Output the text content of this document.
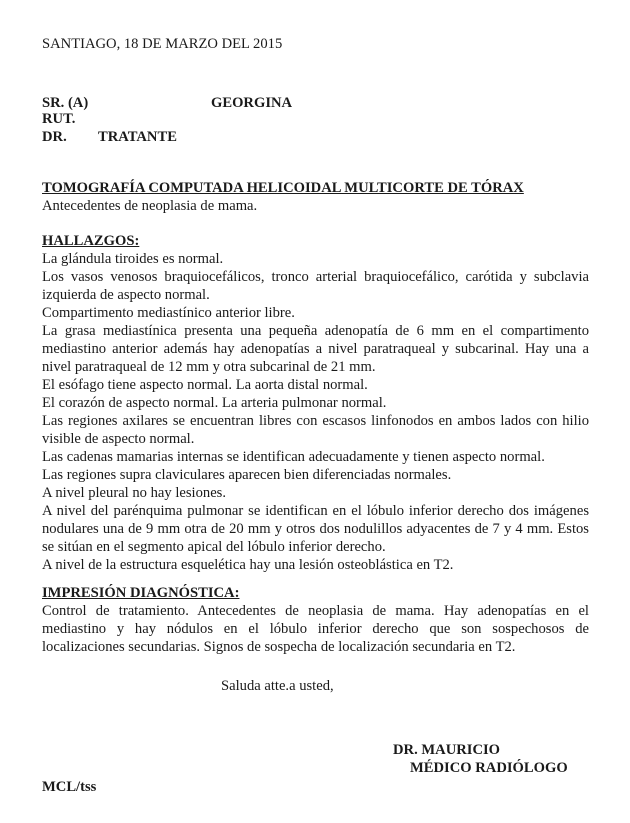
SANTIAGO, 18 DE MARZO DEL 2015
SR. (A)	GEORGINA
RUT.
DR. TRATANTE
TOMOGRAFÍA COMPUTADA HELICOIDAL MULTICORTE DE TÓRAX
Antecedentes de neoplasia de mama.
HALLAZGOS:

La glándula tiroides es normal.

Los vasos venosos braquiocefálicos, tronco arterial braquiocefálico, carótida y subclavia izquierda de aspecto normal.

Compartimento mediastínico anterior libre.

La grasa mediastínica presenta una pequeña adenopatía de 6 mm en el compartimento mediastino anterior además hay adenopatías a nivel paratraqueal y subcarinal. Hay una a nivel paratraqueal de 12 mm y otra subcarinal de 21 mm.

El esófago tiene aspecto normal. La aorta distal normal.

El corazón de aspecto normal. La arteria pulmonar normal.

Las regiones axilares se encuentran libres con escasos linfonodos en ambos lados con hilio visible de aspecto normal.

Las cadenas mamarias internas se identifican adecuadamente y tienen aspecto normal.

Las regiones supra claviculares aparecen bien diferenciadas normales.

A nivel pleural no hay lesiones.

A nivel del parénquima pulmonar se identifican en el lóbulo inferior derecho dos imágenes nodulares una de 9 mm otra de 20 mm y otros dos nodulillos adyacentes de 7 y 4 mm. Estos se sitúan en el segmento apical del lóbulo inferior derecho.

A nivel de la estructura esquelética hay una lesión osteoblástica en T2.

IMPRESIÓN DIAGNÓSTICA:

Control de tratamiento. Antecedentes de neoplasia de mama. Hay adenopatías en el mediastino y hay nódulos en el lóbulo inferior derecho que son sospechosos de localizaciones secundarias. Signos de sospecha de localización secundaria en T2.

Saluda atte.a usted,
DR. MAURICIO
MÉDICO RADIÓLOGO
MCL/tss
